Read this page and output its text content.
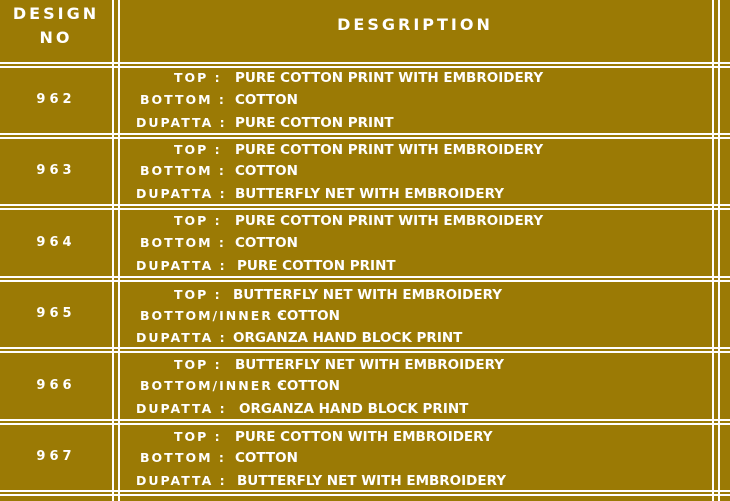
DESIGN
NO
DESGRIPTION
962
TOP : PURE COTTON PRINT WITH EMBROIDERY
BOTTOM : COTTON
DUPATTA : PURE COTTON PRINT
963
TOP : PURE COTTON PRINT WITH EMBROIDERY
BOTTOM : COTTON
DUPATTA : BUTTERFLY NET WITH EMBROIDERY
964
TOP : PURE COTTON PRINT WITH EMBROIDERY
BOTTOM : COTTON
DUPATTA : PURE COTTON PRINT
965
TOP : BUTTERFLY NET WITH EMBROIDERY
BOTTOM/INNER :
COTTON
DUPATTA : ORGANZA HAND BLOCK PRINT
966
TOP : BUTTERFLY NET WITH EMBROIDERY
BOTTOM/INNER :
COTTON
DUPATTA : ORGANZA HAND BLOCK PRINT
967
TOP : PURE COTTON WITH EMBROIDERY
BOTTOM : COTTON
DUPATTA : BUTTERFLY NET WITH EMBROIDERY
